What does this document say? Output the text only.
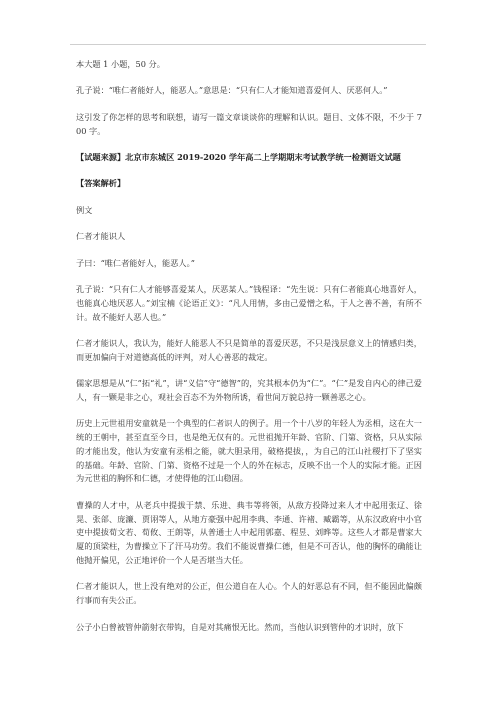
本大题 1 小题，50 分。

孔子说：“唯仁者能好人，能恶人。”意思是：“只有仁人才能知道喜爱何人、厌恶何人。”

这引发了你怎样的思考和联想，请写一篇文章谈谈你的理解和认识。题目、文体不限，不少于 700 字。

【试题来源】北京市东城区 2019-2020 学年高二上学期期末考试教学统一检测语文试题

【答案解析】

例文

仁者才能识人

子曰：“唯仁者能好人，能恶人。”

孔子说：“只有仁人才能够喜爱某人，厌恶某人。”钱程译：“先生说：只有仁者能真心地喜好人，也能真心地厌恶人。”刘宝楠《论语正义》：“凡人用情，多由己爱憎之私，于人之善不善，有所不计。故不能好人恶人也。”

仁者才能识人，我认为，能好人能恶人不只是简单的喜爱厌恶，不只是浅层意义上的情感归类，而更加偏向于对道德高低的评判，对人心善恶的裁定。

儒家思想是从“仁”拓“礼”，讲“义信”守“德智”的，究其根本仍为“仁”。“仁”是发自内心的律己爱人，有一颗是非之心，观社会百态不为外物所诱，看世间万貌总持一颗善恶之心。

历史上元世祖用安童就是一个典型的仁者识人的例子。用一个十八岁的年轻人为丞相，这在大一统的王朝中，甚至直至今日，也是绝无仅有的。元世祖抛开年龄、官阶、门第、资格，只从实际的才能出发，他认为安童有丞相之能，就大胆录用，破格提拔，，为自己的江山社稷打下了坚实的基础。年龄、官阶、门第、资格不过是一个人的外在标志，反映不出一个人的实际才能。正因为元世祖的胸怀和仁德，才使得他的江山稳固。

曹操的人才中，从老兵中提拔于禁、乐进、典韦等将领，从敌方投降过来人才中起用张辽、徐晃、张郃、庞濂、贾诩等人，从地方豪强中起用李典、李通、许褚、臧霸等，从东汉政府中小官吏中提拔荀文若、荀攸、王朗等，从普通士人中起用郭嘉、程昱、刘晔等。这些人才都是曹家大厦的顶梁柱，为曹操立下了汗马功劳。我们不能说曹操仁德，但是不可否认，他的胸怀的确能让他抛开偏见，公正地评价一个人是否堪当大任。

仁者才能识人，世上没有绝对的公正，但公道自在人心。个人的好恶总有不同，但不能因此偏颇行事而有失公正。

公子小白曾被管仲箭射衣带钩，自是对其痛恨无比。然而，当他认识到管仲的才识时，放下
